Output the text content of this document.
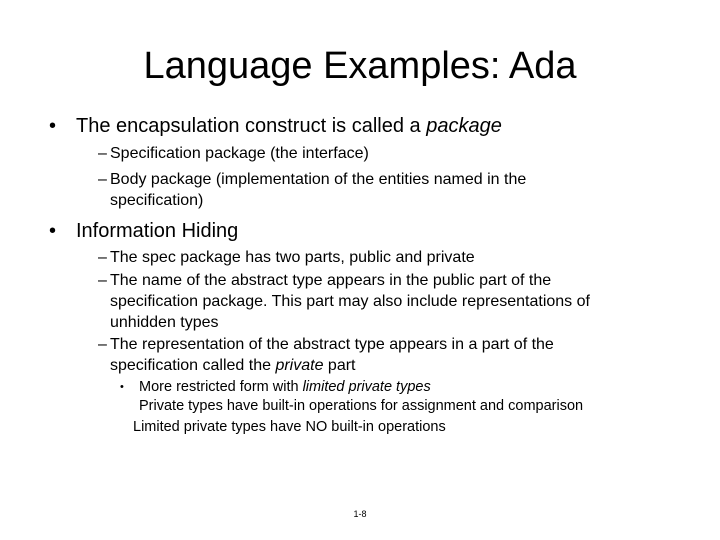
Language Examples: Ada
• The encapsulation construct is called a package
– Specification package (the interface)
– Body package (implementation of the entities named in the
specification)
• Information Hiding
– The spec package has two parts, public and private
– The name of the abstract type appears in the public part of the
specification package. This part may also include representations of
unhidden types
– The representation of the abstract type appears in a part of the
specification called the private part
• More restricted form with limited private types
Private types have built-in operations for assignment and comparison
Limited private types have NO built-in operations
1-8
